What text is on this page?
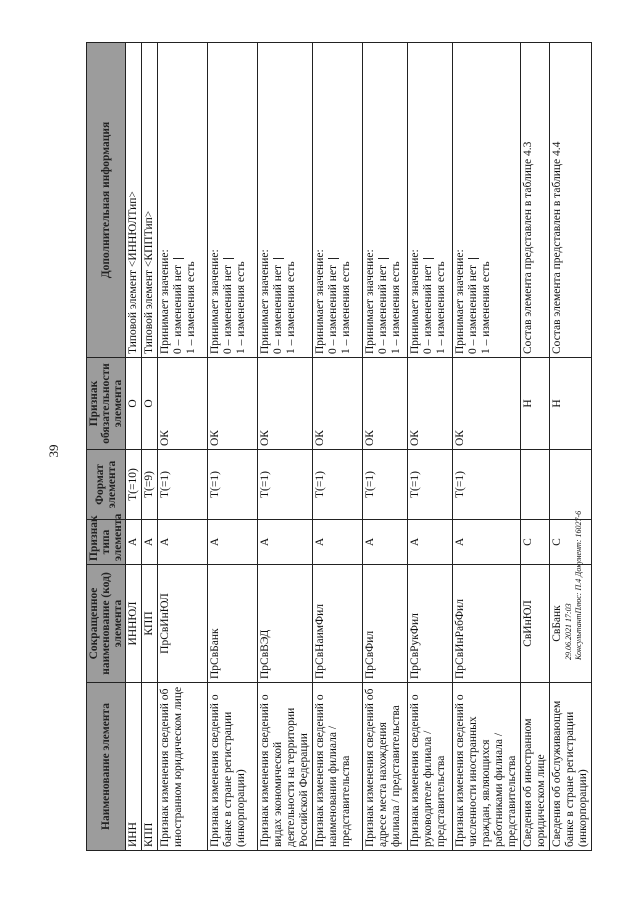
39
29.06.2021 17:03 КонсультантПлюс: П.4 Документ: 16027-6
Наименование элемента	Сокращенное наименование (код) элемента	Признак типа элемента	Формат элемента	Признак обязательности элемента	Дополнительная информация
ИНН	ИННЮЛ	А	T(=10)	О	Типовой элемент <ИННЮЛТип>
КПП	КПП	А	T(=9)	О	Типовой элемент <КППТип>
Признак изменения сведений об иностранном юридическом лице	ПрСвИнЮЛ	А	T(=1)	ОК	Принимает значение: 0 – изменений нет 1 – изменения есть

Признак изменения сведений о банке в стране регистрации (инкорпорации)	ПрСвБанк	А	T(=1)	ОК	Принимает значение: 0 – изменений нет 1 – изменения есть

Признак изменения сведений о видах экономической деятельности на территории Российской Федерации	ПрСвВЭД	А	T(=1)	ОК	Принимает значение: 0 – изменений нет 1 – изменения есть

Признак изменения сведений о наименовании филиала / представительства	ПрСвНаимФил	А	T(=1)	ОК	Принимает значение: 0 – изменений нет 1 – изменения есть

Признак изменения сведений об адресе места нахождения филиала / представительства	ПрСвФил	А	T(=1)	ОК	Принимает значение: 0 – изменений нет 1 – изменения есть

Признак изменения сведений о руководителе филиала / представительства	ПрСвРукФил	А	T(=1)	ОК	Принимает значение: 0 – изменений нет 1 – изменения есть

Признак изменения сведений о численности иностранных граждан, являющихся работниками филиала / представительства	ПрСвИнРабФил	А	T(=1)	ОК	Принимает значение: 0 – изменений нет 1 – изменения есть

Сведения об иностранном юридическом лице	СвИнЮЛ	С		Н	Состав элемента представлен в таблице 4.3
Сведения об обслуживающем банке в стране регистрации (инкорпорации)	СвБанк	С		Н	Состав элемента представлен в таблице 4.4
